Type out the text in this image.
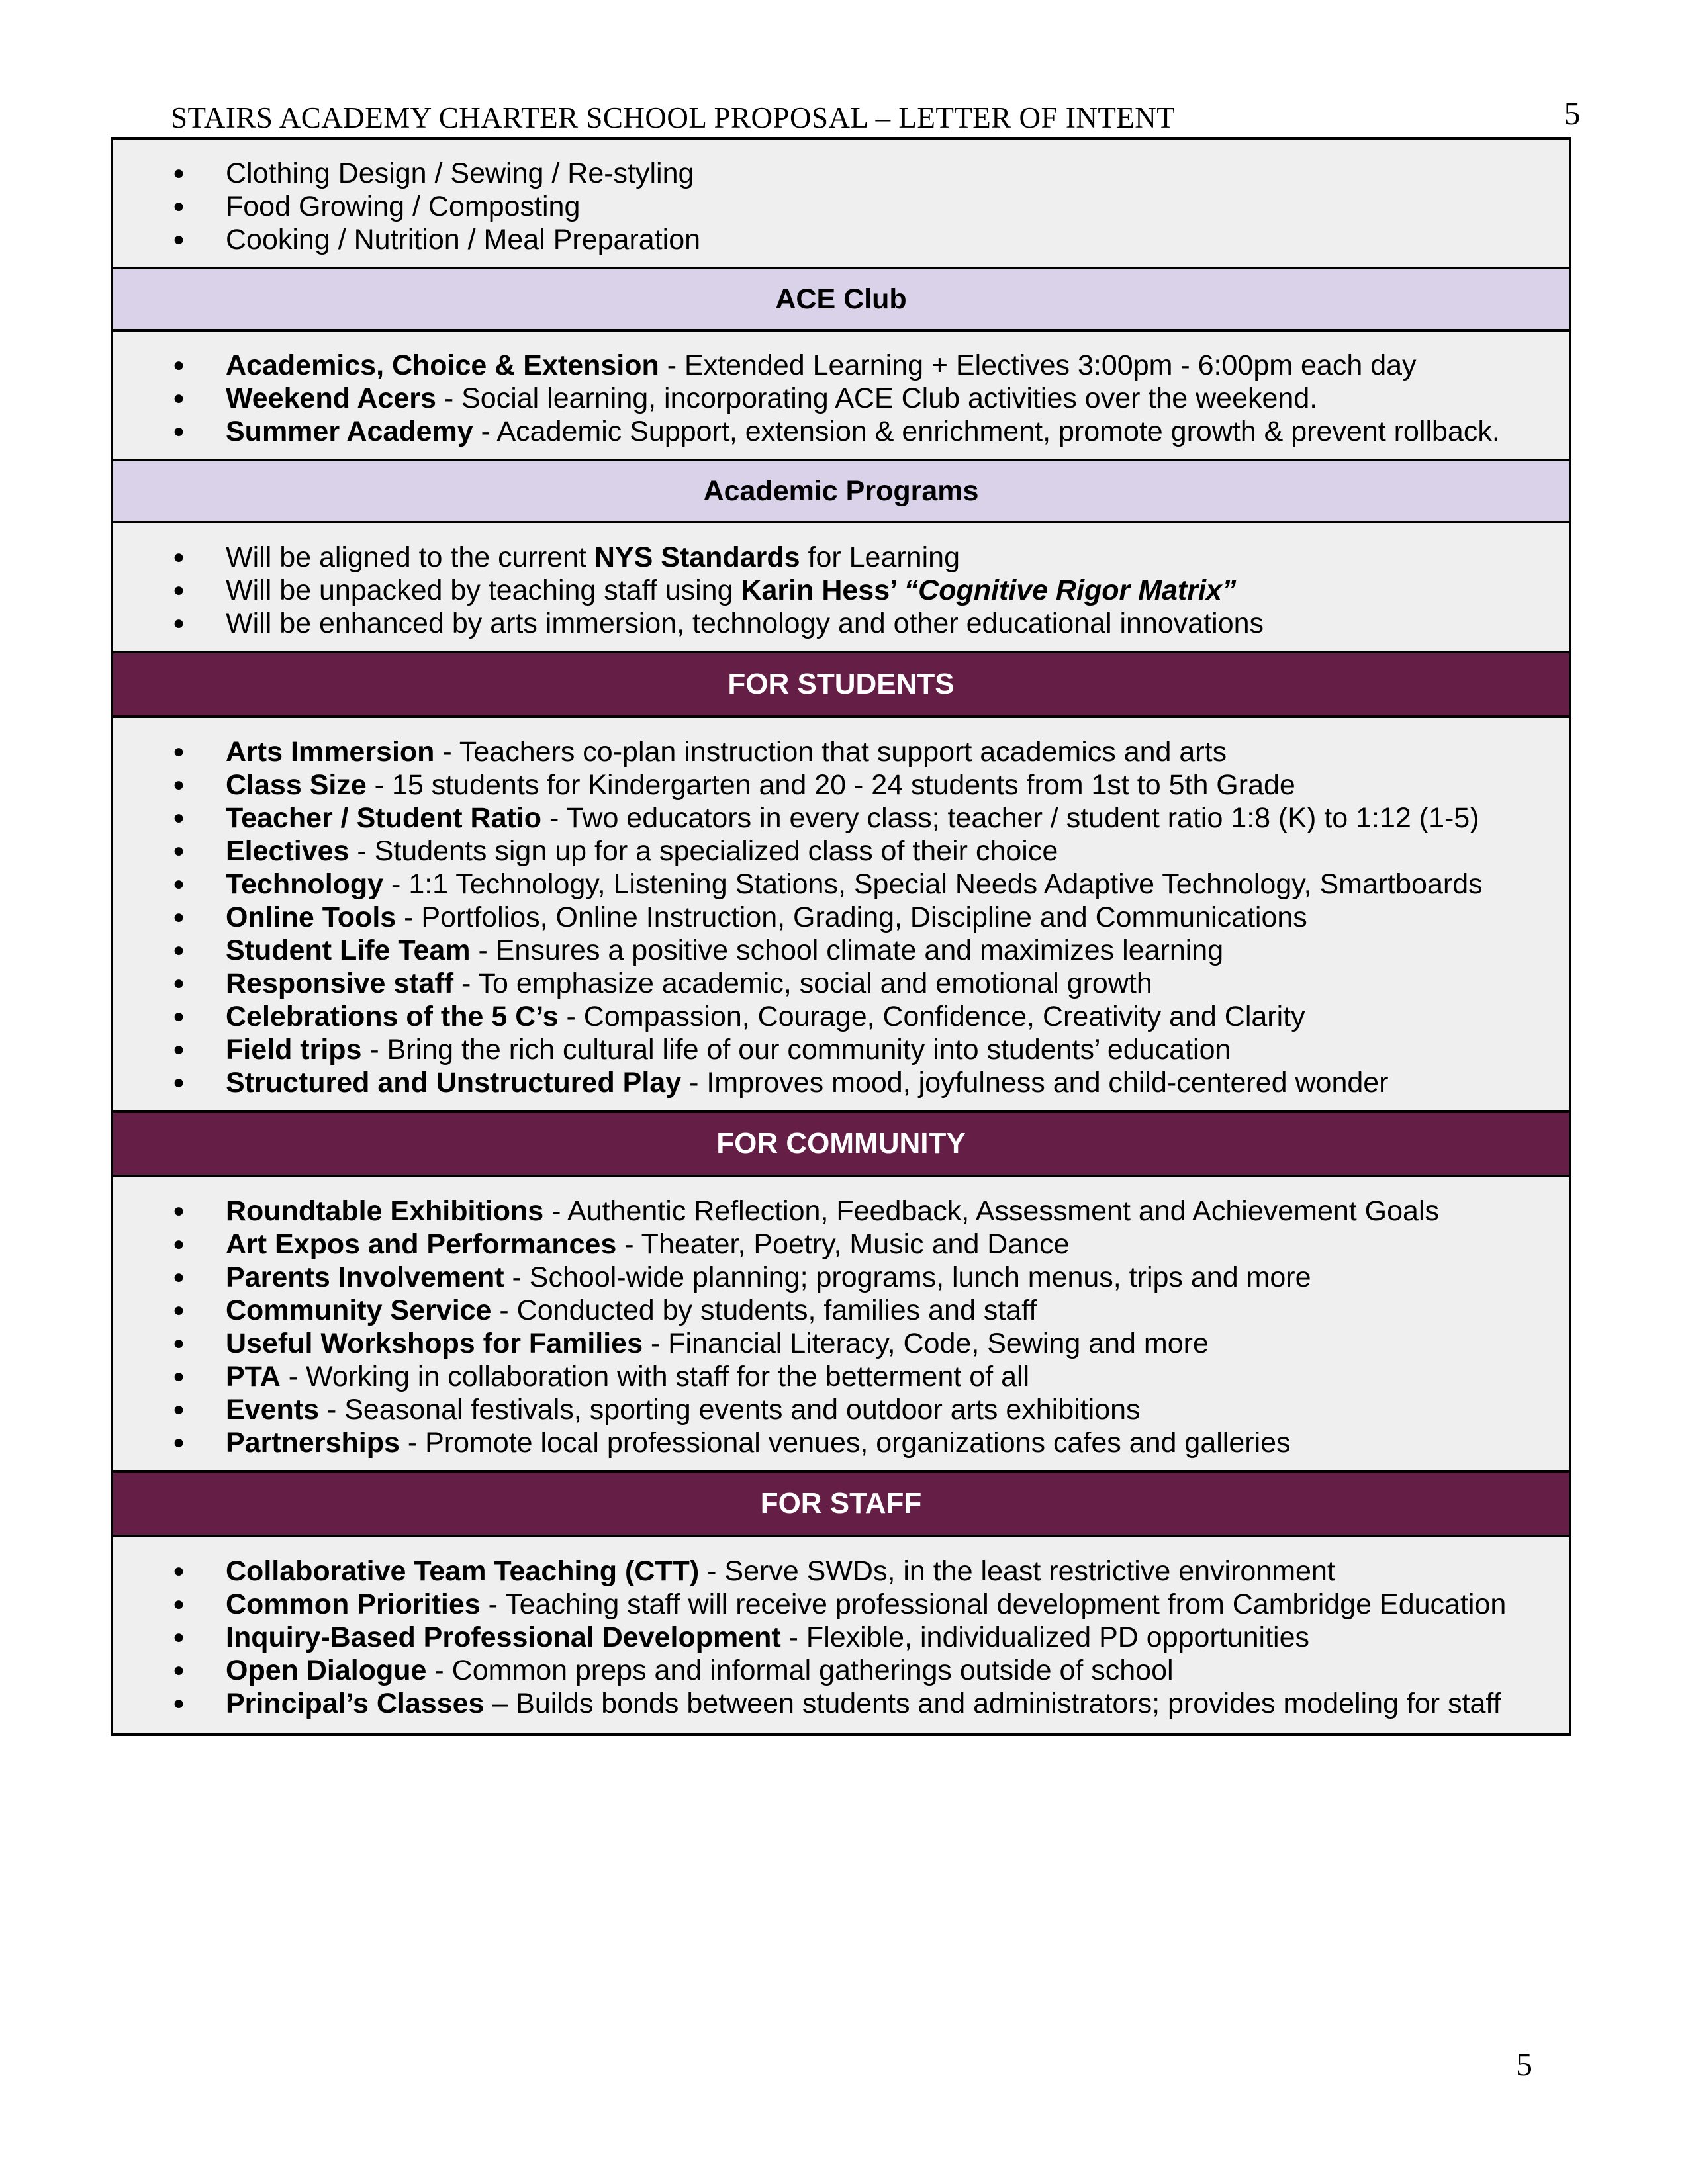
STAIRS ACADEMY CHARTER SCHOOL PROPOSAL – LETTER OF INTENT	5
● Clothing Design / Sewing / Re-styling
● Food Growing / Composting
● Cooking / Nutrition / Meal Preparation
ACE Club
● Academics, Choice & Extension - Extended Learning + Electives 3:00pm - 6:00pm each day
● Weekend Acers - Social learning, incorporating ACE Club activities over the weekend.
● Summer Academy - Academic Support, extension & enrichment, promote growth & prevent rollback.
Academic Programs
● Will be aligned to the current NYS Standards for Learning
● Will be unpacked by teaching staff using Karin Hess’ “Cognitive Rigor Matrix”
● Will be enhanced by arts immersion, technology and other educational innovations
FOR STUDENTS
● Arts Immersion - Teachers co-plan instruction that support academics and arts
● Class Size - 15 students for Kindergarten and 20 - 24 students from 1st to 5th Grade
● Teacher / Student Ratio - Two educators in every class; teacher / student ratio 1:8 (K) to 1:12 (1-5)
● Electives - Students sign up for a specialized class of their choice
● Technology - 1:1 Technology, Listening Stations, Special Needs Adaptive Technology, Smartboards
● Online Tools - Portfolios, Online Instruction, Grading, Discipline and Communications
● Student Life Team - Ensures a positive school climate and maximizes learning
● Responsive staff - To emphasize academic, social and emotional growth
● Celebrations of the 5 C’s - Compassion, Courage, Confidence, Creativity and Clarity
● Field trips - Bring the rich cultural life of our community into students’ education
● Structured and Unstructured Play - Improves mood, joyfulness and child-centered wonder
FOR COMMUNITY
● Roundtable Exhibitions - Authentic Reflection, Feedback, Assessment and Achievement Goals
● Art Expos and Performances - Theater, Poetry, Music and Dance
● Parents Involvement - School-wide planning; programs, lunch menus, trips and more
● Community Service - Conducted by students, families and staff
● Useful Workshops for Families - Financial Literacy, Code, Sewing and more
● PTA - Working in collaboration with staff for the betterment of all
● Events - Seasonal festivals, sporting events and outdoor arts exhibitions
● Partnerships - Promote local professional venues, organizations cafes and galleries
FOR STAFF
● Collaborative Team Teaching (CTT) - Serve SWDs, in the least restrictive environment
● Common Priorities - Teaching staff will receive professional development from Cambridge Education
● Inquiry-Based Professional Development - Flexible, individualized PD opportunities
● Open Dialogue - Common preps and informal gatherings outside of school
● Principal’s Classes – Builds bonds between students and administrators; provides modeling for staff
5
